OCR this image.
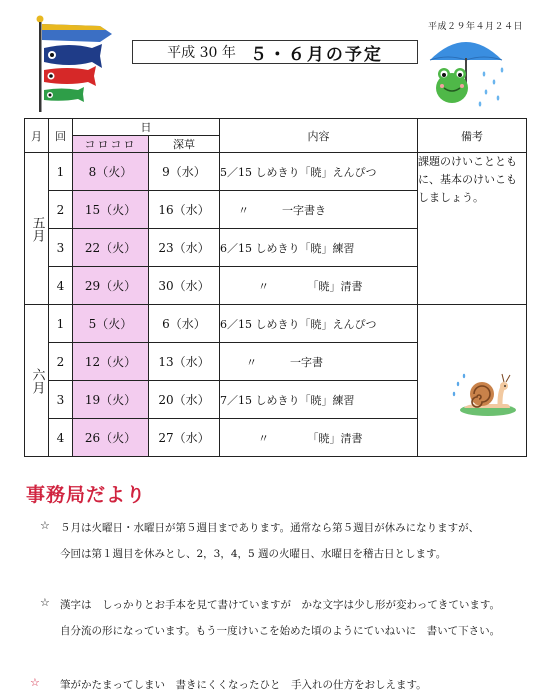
平成２９年４月２４日
平成 30 年 ５・６月の予定
月	回	日		内容	備考
		コロコロ	深草		
五月	1	8（火）	9（水）	5／15 しめきり「暁」えんぴつ	課題のけいことともに、基本のけいこもしましょう。
	2	15（火）	16（水）	〃　　　一字書き	
	3	22（火）	23（水）	6／15 しめきり「暁」練習	
	4	29（火）	30（水）	〃　　　　「暁」清書	
六月	1	5（火）	6（水）	6／15 しめきり「暁」えんぴつ	
	2	12（火）	13（水）	〃　　　一字書	
	3	19（火）	20（水）	7／15 しめきり「暁」練習	
	4	26（火）	27（水）	〃　　　　「暁」清書	
事務局だより
☆ ５月は火曜日・水曜日が第５週目まであります。通常なら第５週目が休みになりますが、
今回は第１週目を休みとし、2，3，4，5 週の火曜日、水曜日を稽古日とします。
☆ 漢字は　しっかりとお手本を見て書けていますが　かな文字は少し形が変わってきています。
自分流の形になっています。もう一度けいこを始めた頃のようにていねいに　書いて下さい。
☆ 筆がかたまってしまい　書きにくくなったひと　手入れの仕方をおしえます。
